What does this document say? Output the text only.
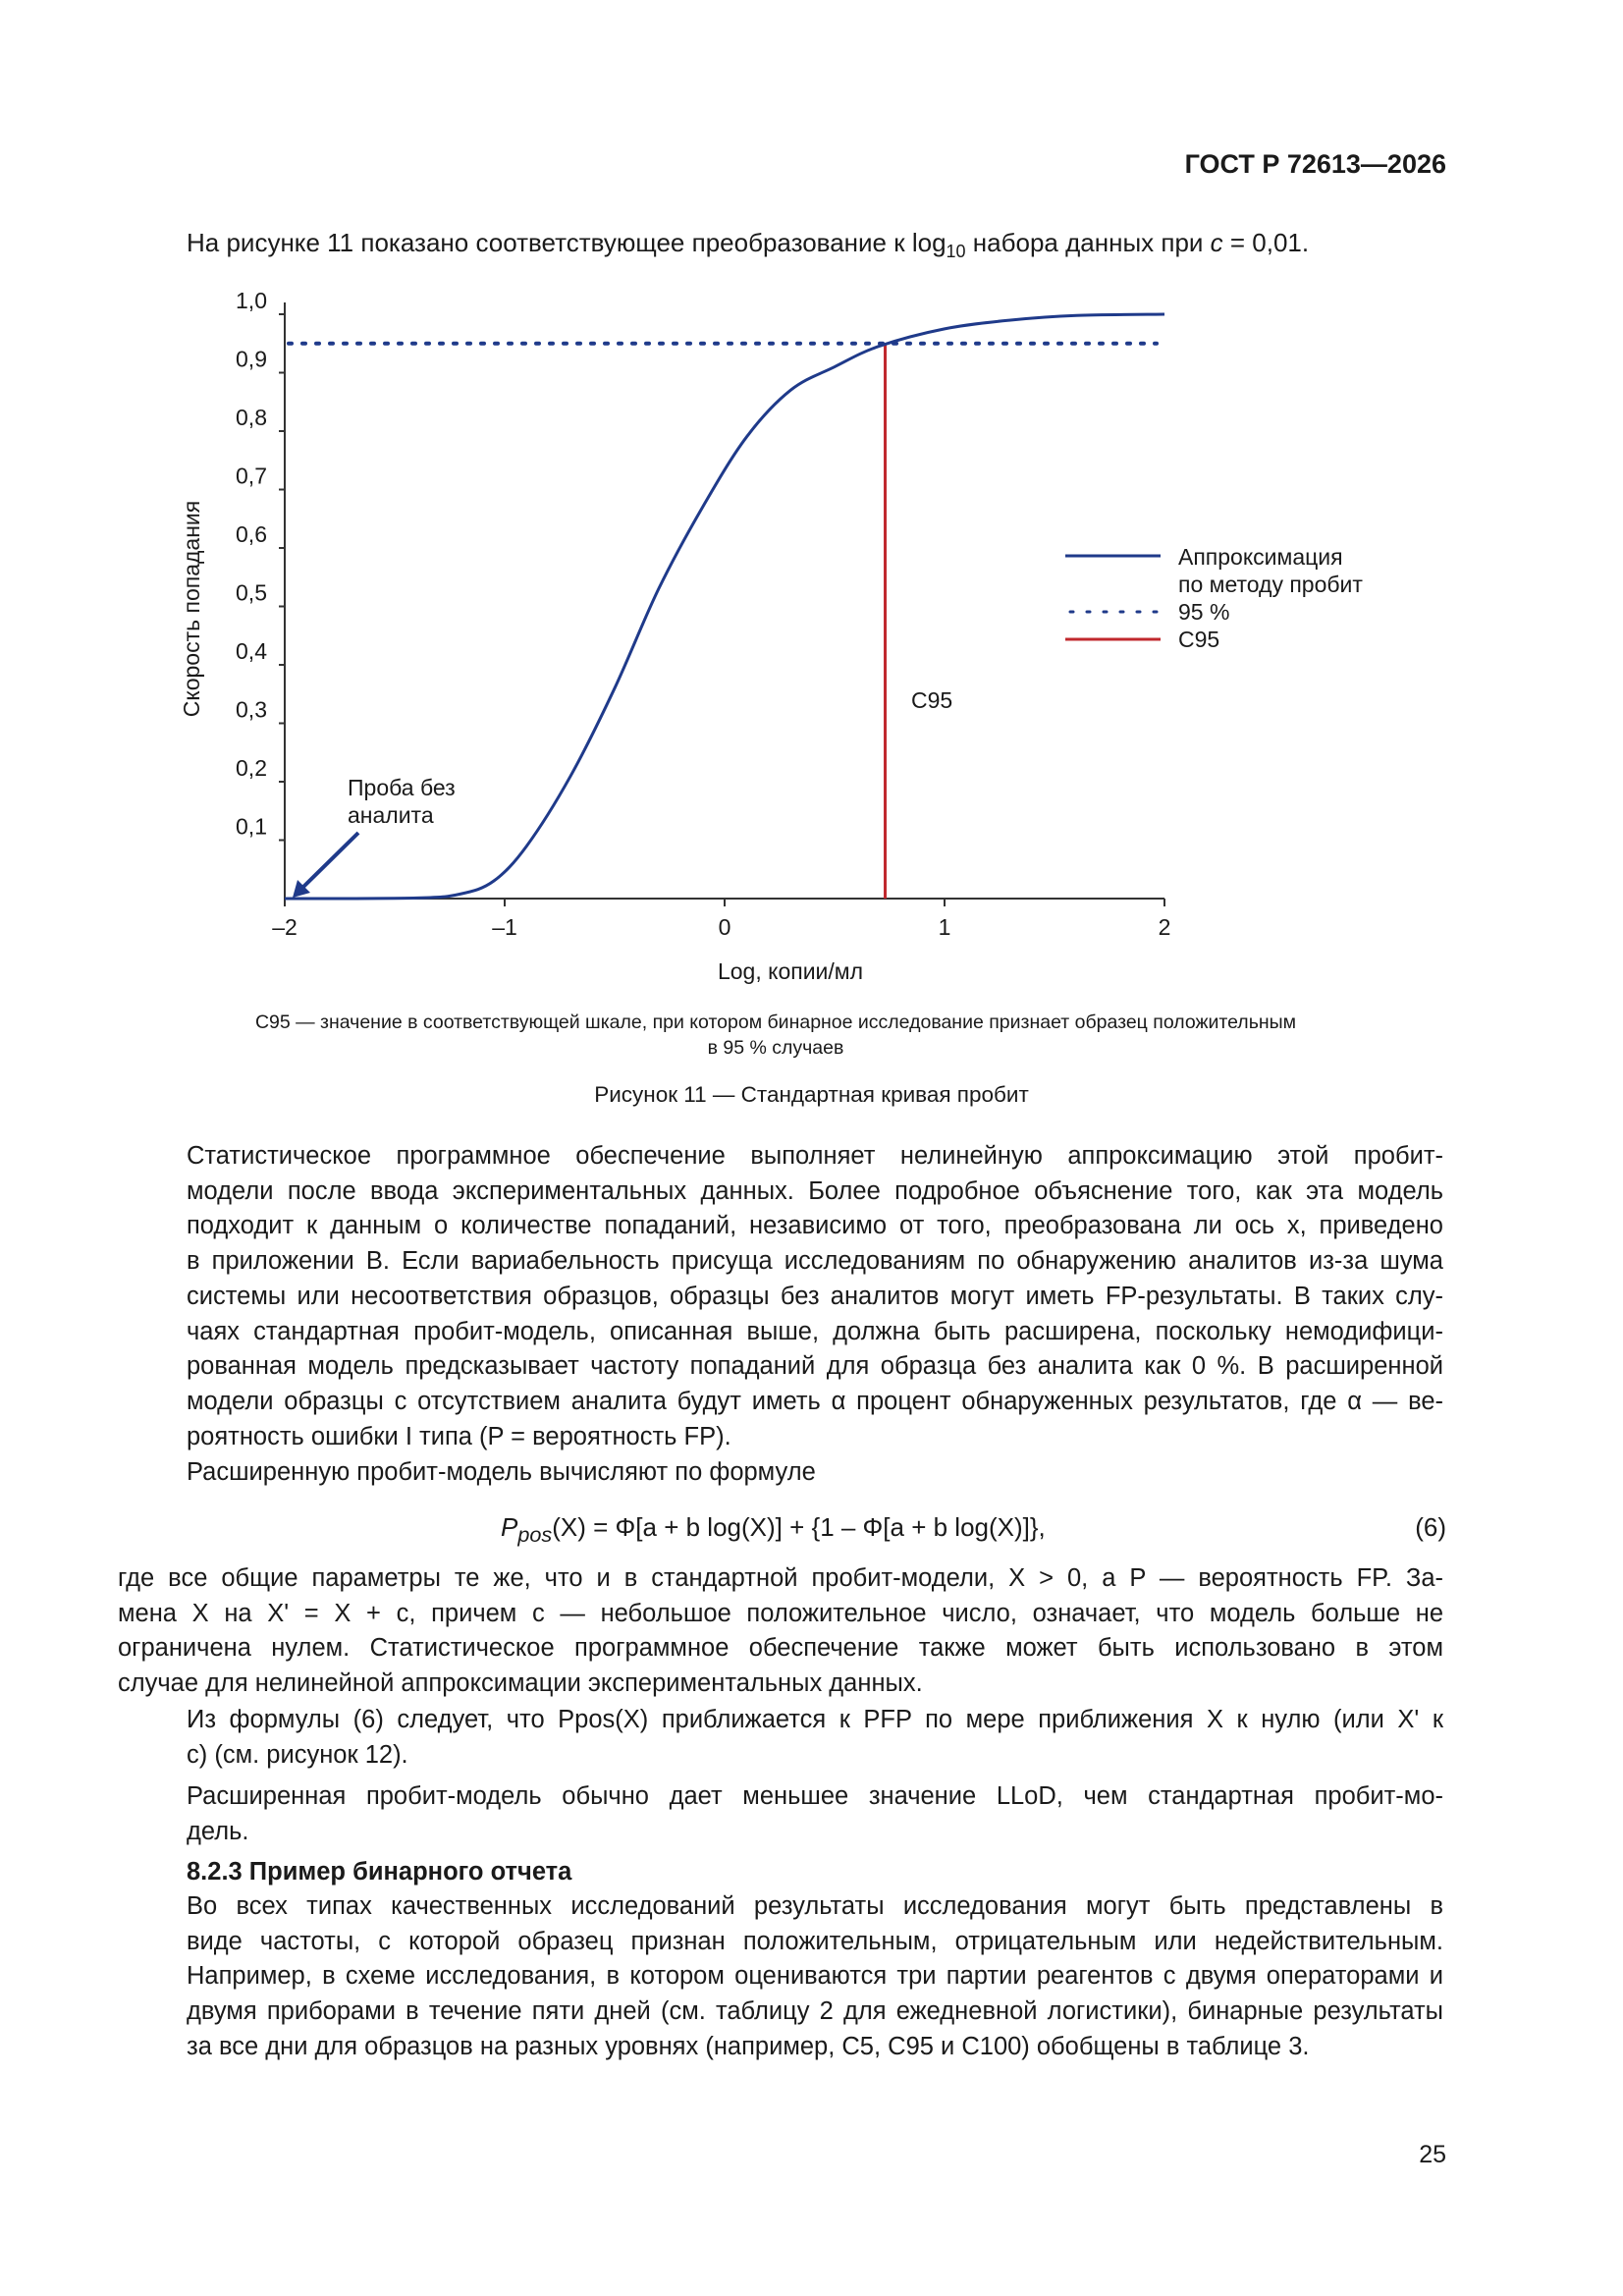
ГОСТ Р 72613—2026
На рисунке 11 показано соответствующее преобразование к $\log_{10}$ набора данных при c = 0,01.
0,1
0,2
0,3
0,4
0,5
0,6
0,7
0,8
0,9
1,0
–2	–1	0	1	2
Скорость попадания
Log, копии/мл
C95
Проба без
аналита
Аппроксимация
по методу пробит
95 %
C95
C95 — значение в соответствующей шкале, при котором бинарное исследование признает образец положительным
в 95 % случаев
Рисунок 11 — Стандартная кривая пробит
Статистическое программное обеспечение выполняет нелинейную аппроксимацию этой пробит-
модели после ввода экспериментальных данных. Более подробное объяснение того, как эта модель
подходит к данным о количестве попаданий, независимо от того, преобразована ли ось x, приведено
в приложении В. Если вариабельность присуща исследованиям по обнаружению аналитов из-за шума
системы или несоответствия образцов, образцы без аналитов могут иметь FP-результаты. В таких слу-
чаях стандартная пробит-модель, описанная выше, должна быть расширена, поскольку немодифици-
рованная модель предсказывает частоту попаданий для образца без аналита как 0 %. В расширенной
модели образцы с отсутствием аналита будут иметь α процент обнаруженных результатов, где α — ве-
роятность ошибки I типа (P = вероятность FP).
Расширенную пробит-модель вычисляют по формуле
$P_{pos}(X) = \Phi[a + b$ log(X)] + {1 – Φ[a + b log(X)]},	(6)
где все общие параметры те же, что и в стандартной пробит-модели, X > 0, а P — вероятность FP. За-
мена X на X' = X + c, причем c — небольшое положительное число, означает, что модель больше не
ограничена нулем. Статистическое программное обеспечение также может быть использовано в этом
случае для нелинейной аппроксимации экспериментальных данных.
Из формулы (6) следует, что Ppos(X) приближается к PFP по мере приближения X к нулю (или X' к
c) (см. рисунок 12).
Расширенная пробит-модель обычно дает меньшее значение LLoD, чем стандартная пробит-мо-
дель.
8.2.3 Пример бинарного отчета
Во всех типах качественных исследований результаты исследования могут быть представлены в
виде частоты, с которой образец признан положительным, отрицательным или недействительным.
Например, в схеме исследования, в котором оцениваются три партии реагентов с двумя операторами и
двумя приборами в течение пяти дней (см. таблицу 2 для ежедневной логистики), бинарные результаты
за все дни для образцов на разных уровнях (например, C5, C95 и C100) обобщены в таблице 3.
25
